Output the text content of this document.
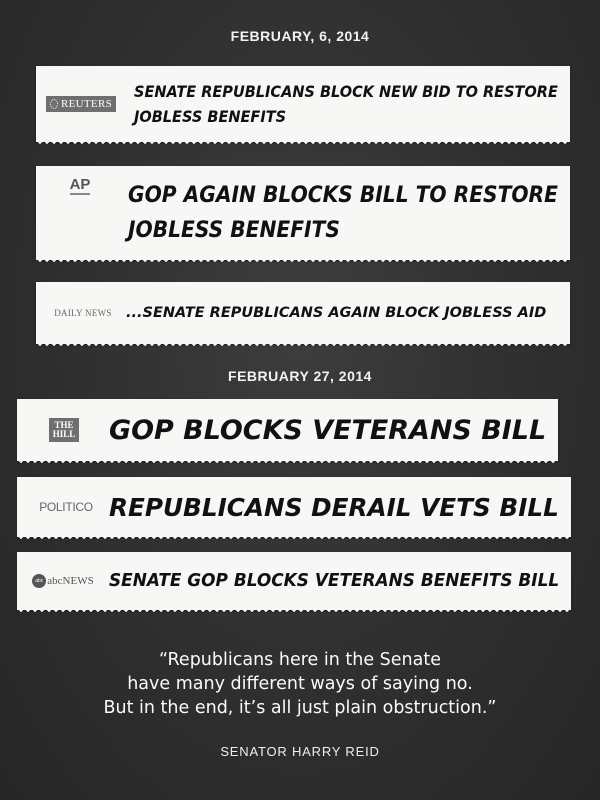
FEBRUARY, 6, 2014
REUTERS
SENATE REPUBLICANS BLOCK NEW BID TO RESTORE
JOBLESS BENEFITS
AP GOP AGAIN BLOCKS BILL TO RESTORE
JOBLESS BENEFITS
DAILY NEWS ...SENATE REPUBLICANS AGAIN BLOCK JOBLESS AID
FEBRUARY 27, 2014
THE HILL GOP BLOCKS VETERANS BILL
POLITICO REPUBLICANS DERAIL VETS BILL
abc abcNEWS SENATE GOP BLOCKS VETERANS BENEFITS BILL
“Republicans here in the Senate
have many different ways of saying no.
But in the end, it’s all just plain obstruction.”
SENATOR HARRY REID
